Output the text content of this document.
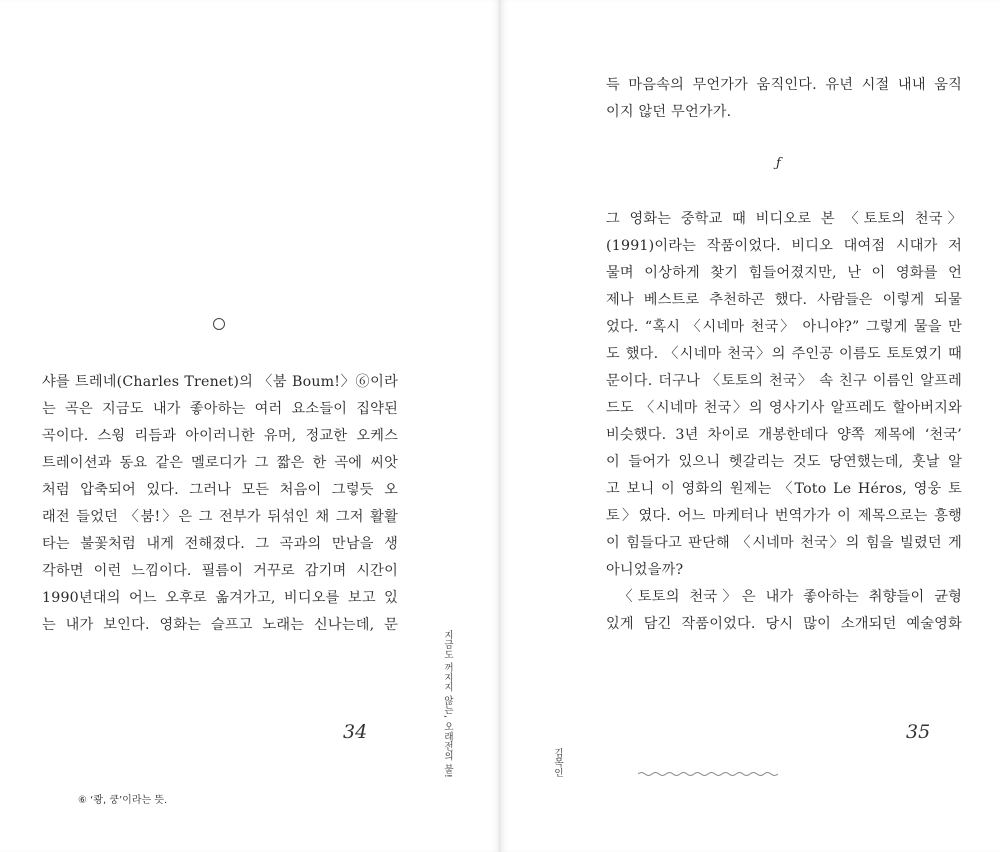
샤를 트레네(Charles Trenet)의 〈붐 Boum!〉⑥이라
는 곡은 지금도 내가 좋아하는 여러 요소들이 집약된
곡이다. 스윙 리듬과 아이러니한 유머, 정교한 오케스
트레이션과 동요 같은 멜로디가 그 짧은 한 곡에 씨앗
처럼 압축되어 있다. 그러나 모든 처음이 그렇듯 오
래전 들었던 〈붐!〉은 그 전부가 뒤섞인 채 그저 활활
타는 불꽃처럼 내게 전해졌다. 그 곡과의 만남을 생
각하면 이런 느낌이다. 필름이 거꾸로 감기며 시간이
1990년대의 어느 오후로 옮겨가고, 비디오를 보고 있
는 내가 보인다. 영화는 슬프고 노래는 신나는데, 문
34	지금도 꺼지지 않는, 오래전의 불!
⑥ ‘쾅, 쿵’이라는 뜻.
득 마음속의 무언가가 움직인다. 유년 시절 내내 움직
이지 않던 무언가가.
ƒ
그 영화는 중학교 때 비디오로 본 〈토토의 천국〉
(1991)이라는 작품이었다. 비디오 대여점 시대가 저
물며 이상하게 찾기 힘들어졌지만, 난 이 영화를 언
제나 베스트로 추천하곤 했다. 사람들은 이렇게 되물
었다. “혹시 〈시네마 천국〉 아니야?” 그렇게 물을 만
도 했다. 〈시네마 천국〉의 주인공 이름도 토토였기 때
문이다. 더구나 〈토토의 천국〉 속 친구 이름인 알프레
드도 〈시네마 천국〉의 영사기사 알프레도 할아버지와
비슷했다. 3년 차이로 개봉한데다 양쪽 제목에 ‘천국’
이 들어가 있으니 헷갈리는 것도 당연했는데, 훗날 알
고 보니 이 영화의 원제는 〈Toto Le Héros, 영웅 토
토〉였다. 어느 마케터나 번역가가 이 제목으로는 흥행
이 힘들다고 판단해 〈시네마 천국〉의 힘을 빌렸던 게
아니었을까?
　〈토토의 천국〉은 내가 좋아하는 취향들이 균형
있게 담긴 작품이었다. 당시 많이 소개되던 예술영화
35
김목인
